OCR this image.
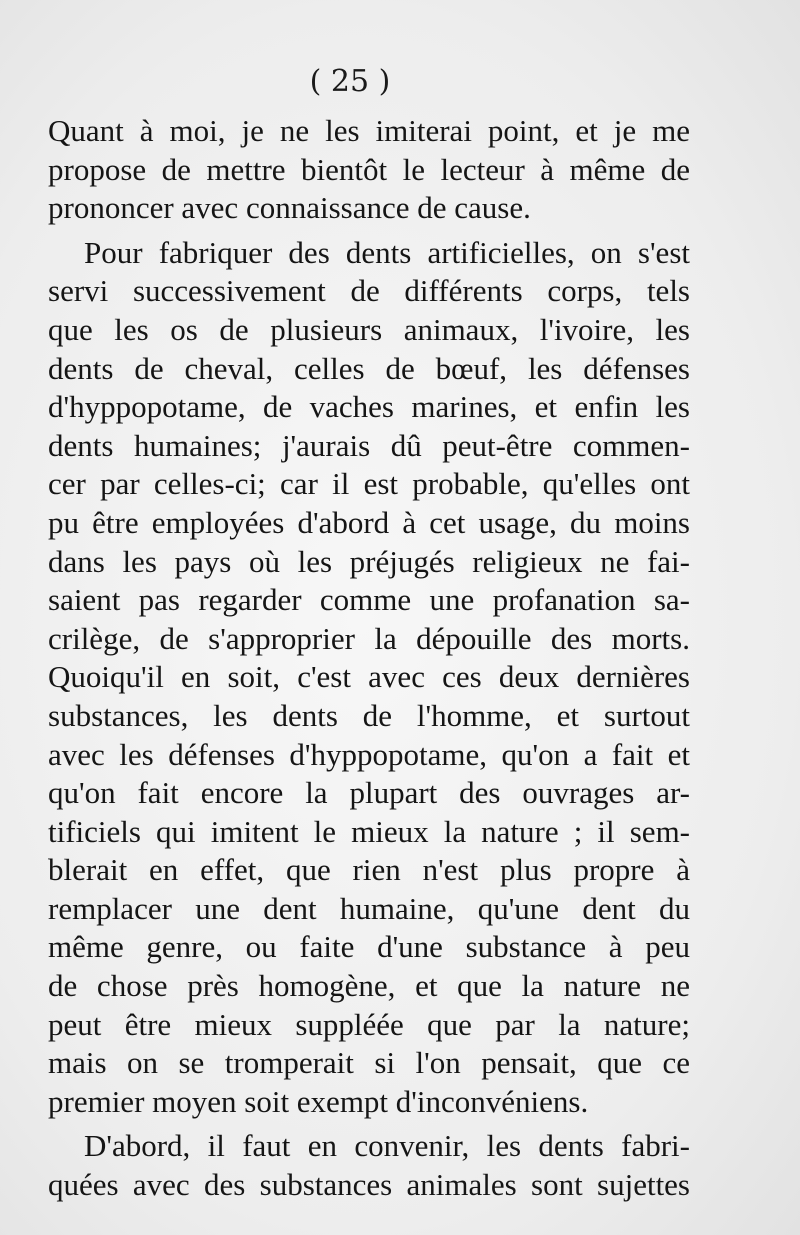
( 25 )
Quant à moi, je ne les imiterai point, et je me
propose de mettre bientôt le lecteur à même de
prononcer avec connaissance de cause.
Pour fabriquer des dents artificielles, on s'est
servi successivement de différents corps, tels
que les os de plusieurs animaux, l'ivoire, les
dents de cheval, celles de bœuf, les défenses
d'hyppopotame, de vaches marines, et enfin les
dents humaines; j'aurais dû peut-être commen-
cer par celles-ci; car il est probable, qu'elles ont
pu être employées d'abord à cet usage, du moins
dans les pays où les préjugés religieux ne fai-
saient pas regarder comme une profanation sa-
crilège, de s'approprier la dépouille des morts.
Quoiqu'il en soit, c'est avec ces deux dernières
substances, les dents de l'homme, et surtout
avec les défenses d'hyppopotame, qu'on a fait et
qu'on fait encore la plupart des ouvrages ar-
tificiels qui imitent le mieux la nature ; il sem-
blerait en effet, que rien n'est plus propre à
remplacer une dent humaine, qu'une dent du
même genre, ou faite d'une substance à peu
de chose près homogène, et que la nature ne
peut être mieux suppléée que par la nature;
mais on se tromperait si l'on pensait, que ce
premier moyen soit exempt d'inconvéniens.
D'abord, il faut en convenir, les dents fabri-
quées avec des substances animales sont sujettes
